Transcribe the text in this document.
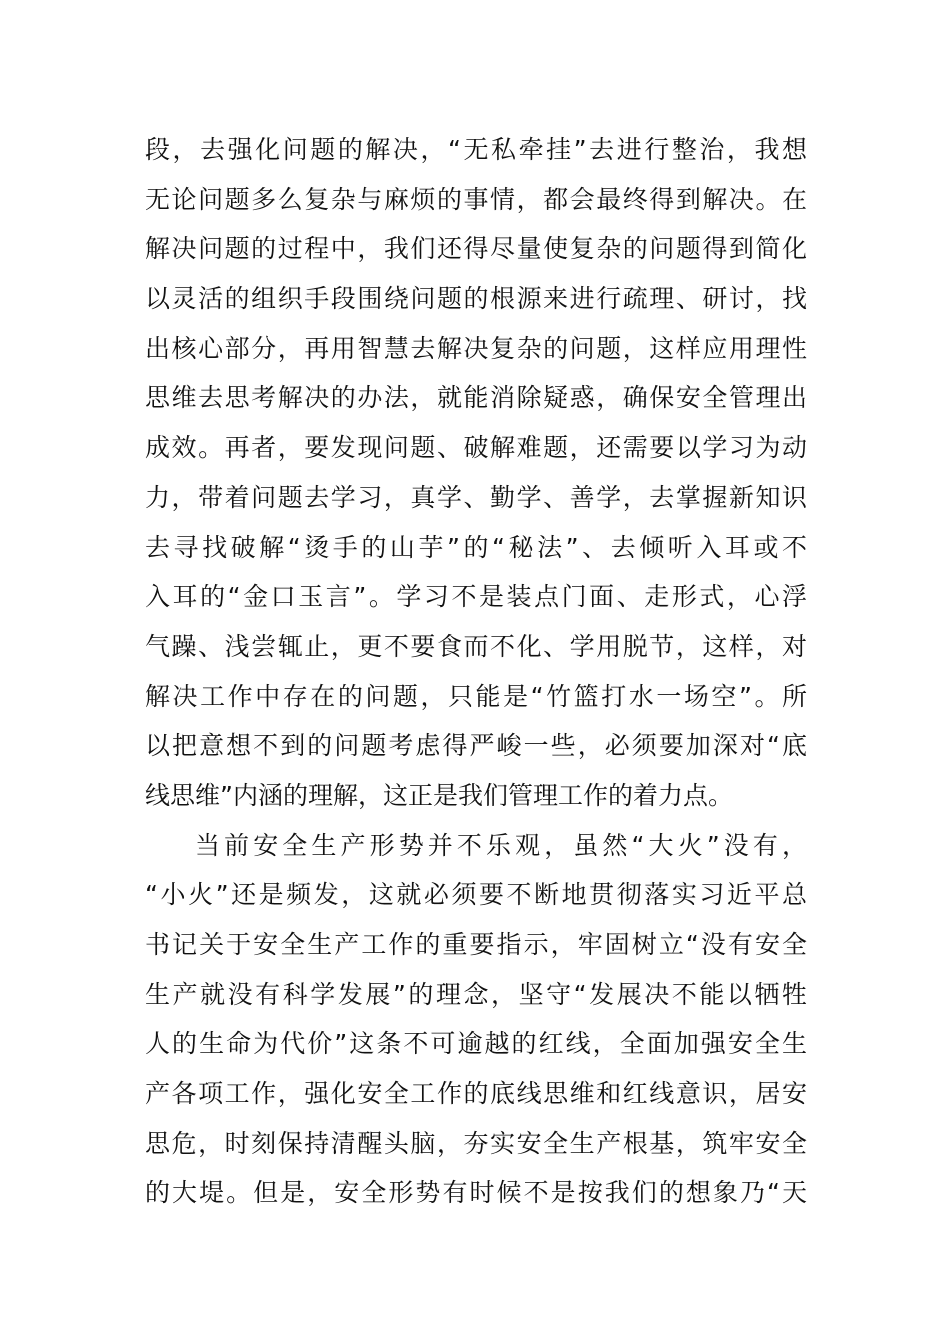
段，去强化问题的解决，“无私牵挂”去进行整治，我想
无论问题多么复杂与麻烦的事情，都会最终得到解决。在
解决问题的过程中，我们还得尽量使复杂的问题得到简化
以灵活的组织手段围绕问题的根源来进行疏理、研讨，找
出核心部分，再用智慧去解决复杂的问题，这样应用理性
思维去思考解决的办法，就能消除疑惑，确保安全管理出
成效。再者，要发现问题、破解难题，还需要以学习为动
力，带着问题去学习，真学、勤学、善学，去掌握新知识
去寻找破解“烫手的山芋”的“秘法”、去倾听入耳或不
入耳的“金口玉言”。学习不是装点门面、走形式，心浮
气躁、浅尝辄止，更不要食而不化、学用脱节，这样，对
解决工作中存在的问题，只能是“竹篮打水一场空”。所
以把意想不到的问题考虑得严峻一些，必须要加深对“底
线思维”内涵的理解，这正是我们管理工作的着力点。
当前安全生产形势并不乐观，虽然“大火”没有，
“小火”还是频发，这就必须要不断地贯彻落实习近平总
书记关于安全生产工作的重要指示，牢固树立“没有安全
生产就没有科学发展”的理念，坚守“发展决不能以牺牲
人的生命为代价”这条不可逾越的红线，全面加强安全生
产各项工作，强化安全工作的底线思维和红线意识，居安
思危，时刻保持清醒头脑，夯实安全生产根基，筑牢安全
的大堤。但是，安全形势有时候不是按我们的想象乃“天
